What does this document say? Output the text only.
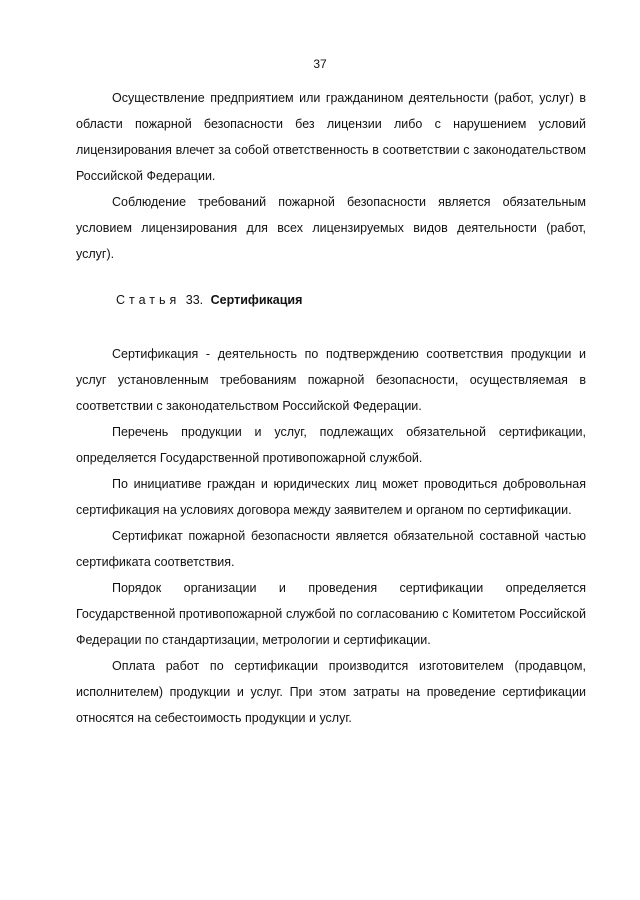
37

Осуществление предприятием или гражданином деятельности (работ, услуг) в области пожарной безопасности без лицензии либо с нарушением условий лицензирования влечет за собой ответственность в соответствии с законодательством Российской Федерации.

Соблюдение требований пожарной безопасности является обязательным условием лицензирования для всех лицензируемых видов деятельности (работ, услуг).

Статья 33. Сертификация

Сертификация - деятельность по подтверждению соответствия продукции и услуг установленным требованиям пожарной безопасности, осуществляемая в соответствии с законодательством Российской Федерации.

Перечень продукции и услуг, подлежащих обязательной сертификации, определяется Государственной противопожарной службой.

По инициативе граждан и юридических лиц может проводиться добровольная сертификация на условиях договора между заявителем и органом по сертификации.

Сертификат пожарной безопасности является обязательной составной частью сертификата соответствия.

Порядок организации и проведения сертификации определяется Государственной противопожарной службой по согласованию с Комитетом Российской Федерации по стандартизации, метрологии и сертификации.

Оплата работ по сертификации производится изготовителем (продавцом, исполнителем) продукции и услуг. При этом затраты на проведение сертификации относятся на себестоимость продукции и услуг.
